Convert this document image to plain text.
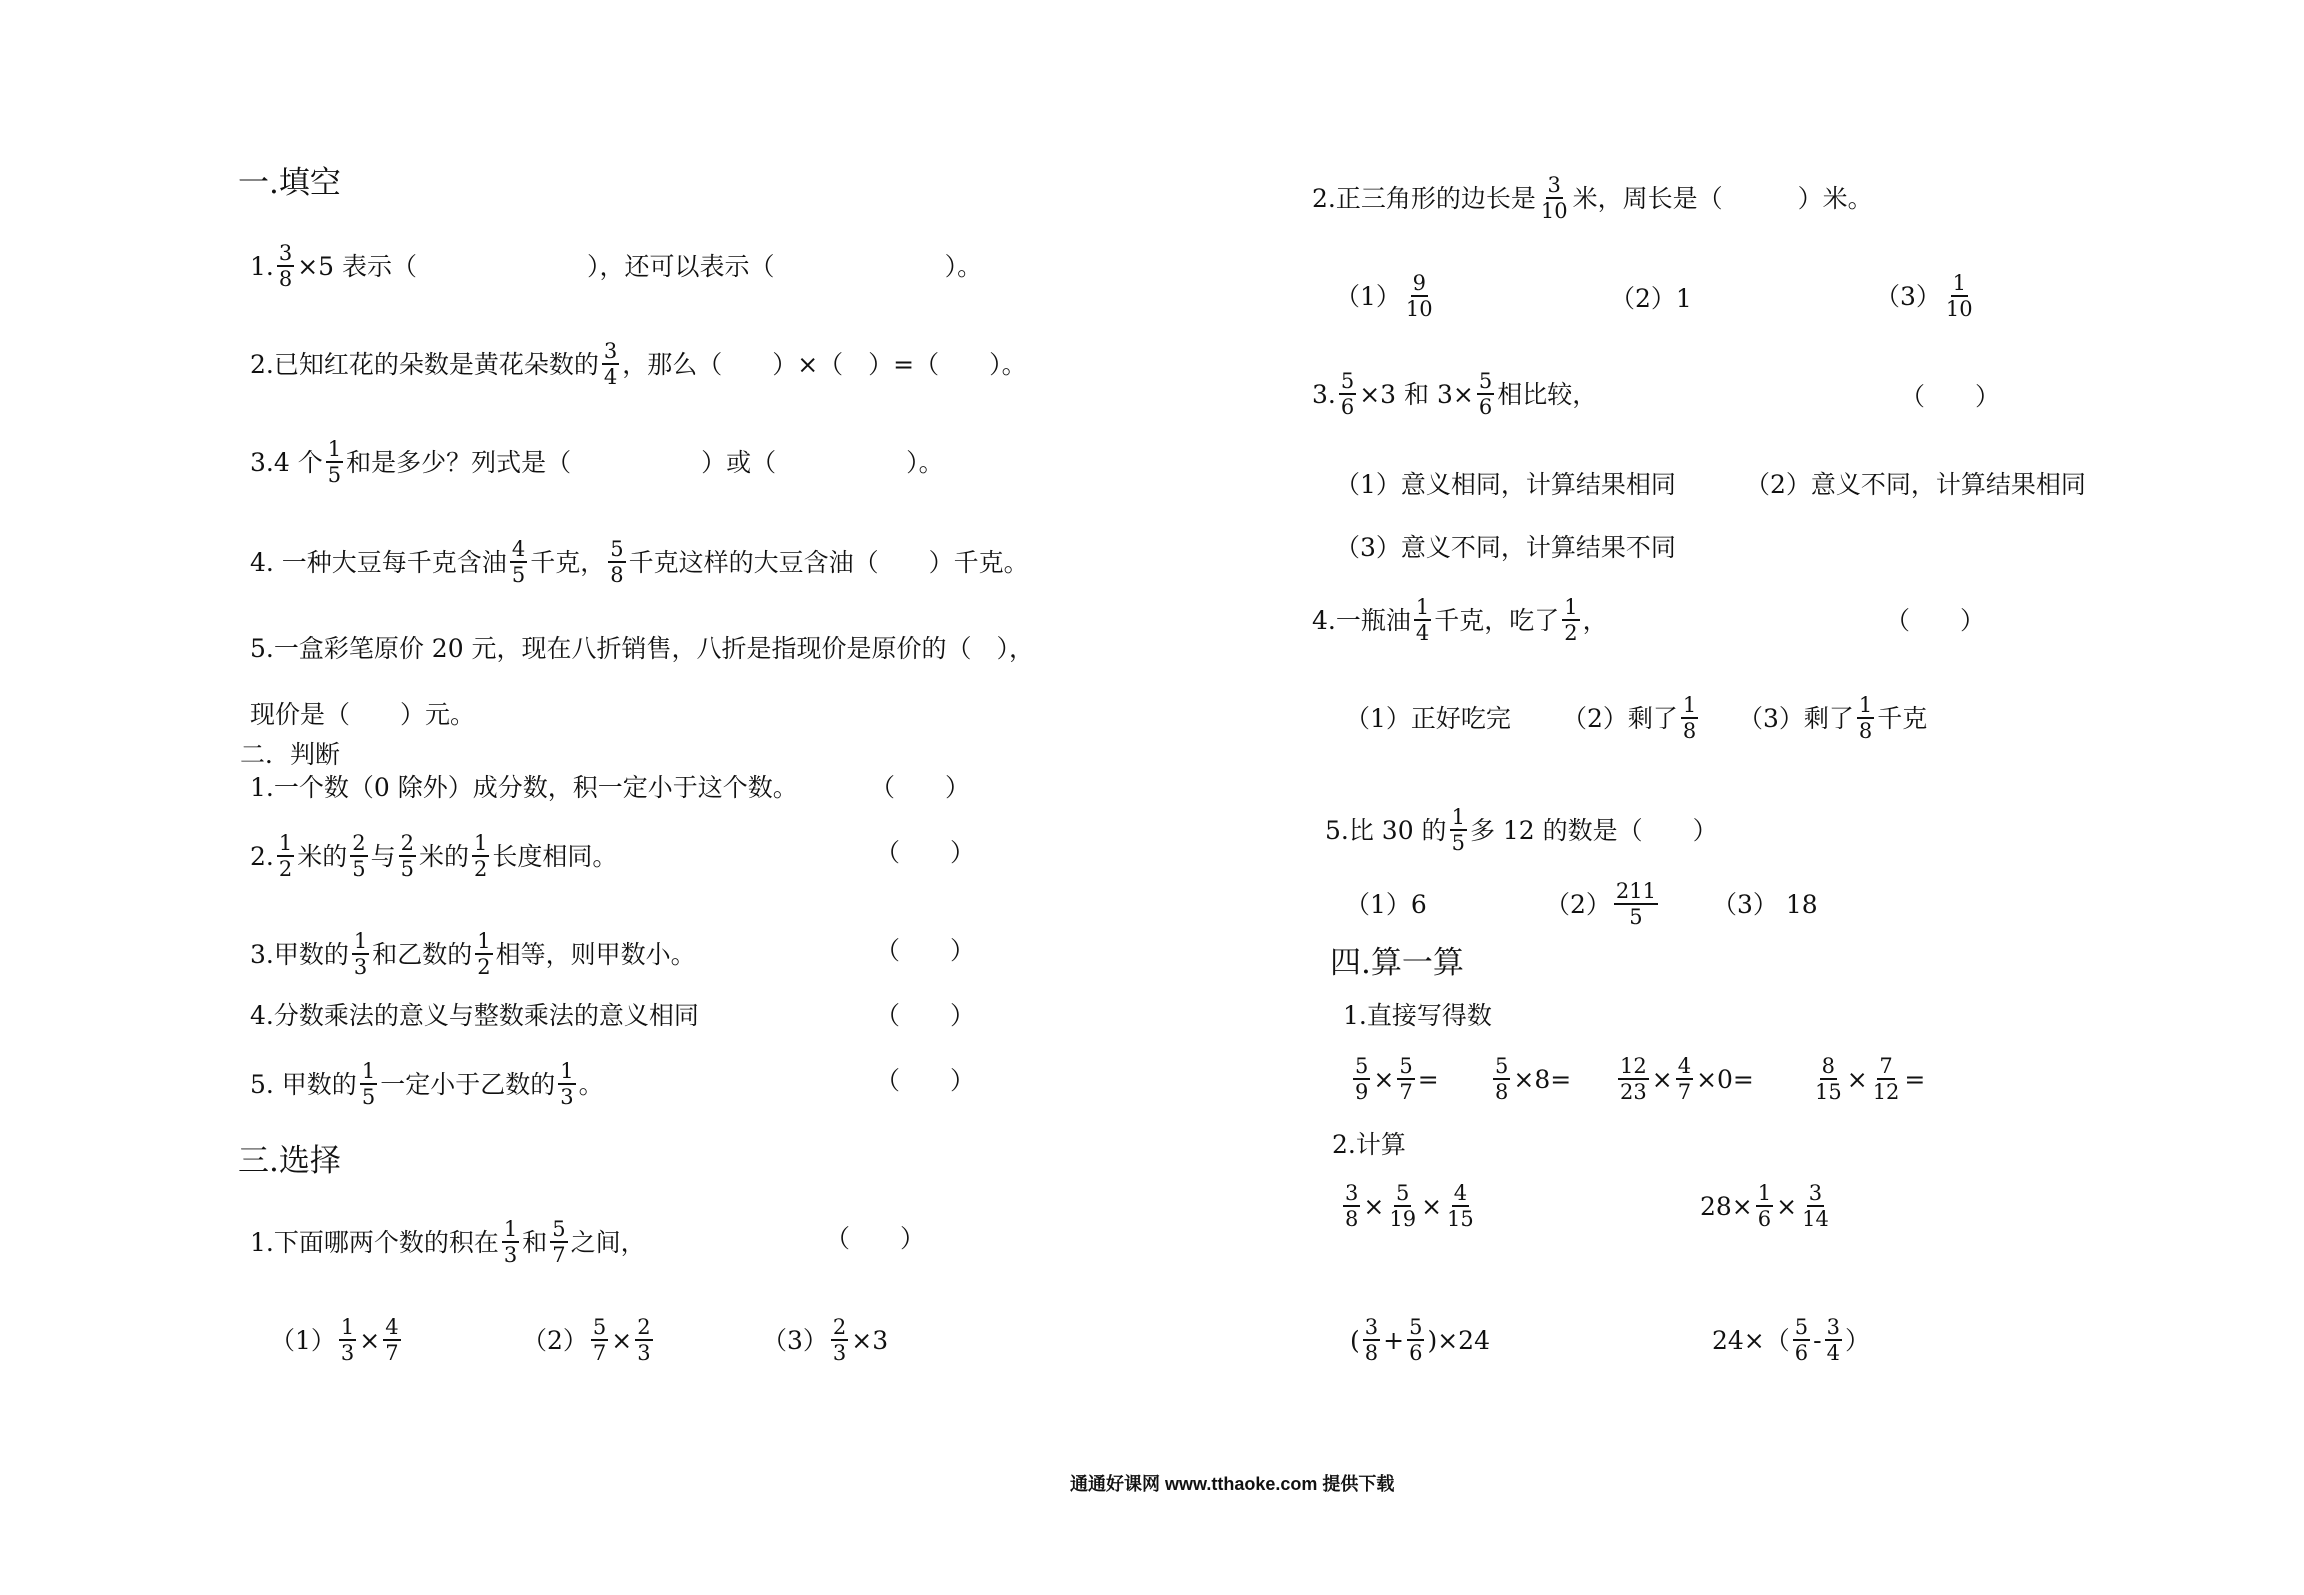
一.填空
1. $\frac{3}{8} \times 5$ 表示（	），还可以表示（	）。
2.已知红花的朵数是黄花朵数的 $\frac{3}{4}$ ，那么（　　）×（　）=（　　）。
3.4 个 $\frac{1}{5}$ 和是多少？列式是（	）或（	）。
4. 一种大豆每千克含油 $\frac{4}{5}$ 千克， $\frac{5}{8}$ 千克这样的大豆含油（　　）千克。
5.一盒彩笔原价 20 元，现在八折销售，八折是指现价是原价的（　），
现价是（　　）元。
二．判断
1.一个数（0 除外）成分数，积一定小于这个数。	（　　）
2. $\frac{1}{2}$ 米的 $\frac{2}{5}$ 与 $\frac{2}{5}$ 米的 $\frac{1}{2}$ 长度相同。	（　　）
3.甲数的 $\frac{1}{3}$ 和乙数的 $\frac{1}{2}$ 相等，则甲数小。	（　　）
4.分数乘法的意义与整数乘法的意义相同	（　　）
5. 甲数的 $\frac{1}{5}$ 一定小于乙数的 $\frac{1}{3}$ 。	（　　）
三.选择
1.下面哪两个数的积在 $\frac{1}{3}$ 和 $\frac{5}{7}$ 之间，	（　　）
$(1) \frac{1}{3} \times \frac{4}{7}$	$(2) \frac{5}{7} \times \frac{2}{3}$	$(3) \frac{2}{3} \times 3$
2.正三角形的边长是 $\frac{3}{10}$ 米，周长是（　　　）米。
$(1) \frac{9}{10}$	（2）1	$(3) \frac{1}{10}$
3. $\frac{5}{6} \times 3$ 和 $3\times \frac{5}{6}$ 相比较，	（　　）
（1）意义相同，计算结果相同	（2）意义不同，计算结果相同
（3）意义不同，计算结果不同
4.一瓶油 $\frac{1}{4}$ 千克，吃了 $\frac{1}{2}$ ，	（　　）
（1）正好吃完 （2）剩了 $\frac{1}{8} (3)$剩了 $\frac{1}{8}$ 千克
5.比 30 的 $\frac{1}{5}$ 多 12 的数是（　　）
（1）6	$(2) \frac{211}{5} (3)$ 18
四.算一算
1.直接写得数
$\frac{5}{9} \times \frac{5}{7}$ =	$\frac{5}{8} \times 8= \frac{12}{23} \times \frac{4}{7} \times 0=$	$\frac{8}{15} \times \frac{7}{12}$ =
2.计算
$\frac{3}{8} \times \frac{5}{19} \times \frac{4}{15}$	$28\times \frac{1}{6} \times \frac{3}{14}$
( $\frac{3}{8} + \frac{5}{6} )\times 24$	$24\times( \frac{5}{6} - \frac{3}{4}$ ）
通通好课网 www.tthaoke.com 提供下载
